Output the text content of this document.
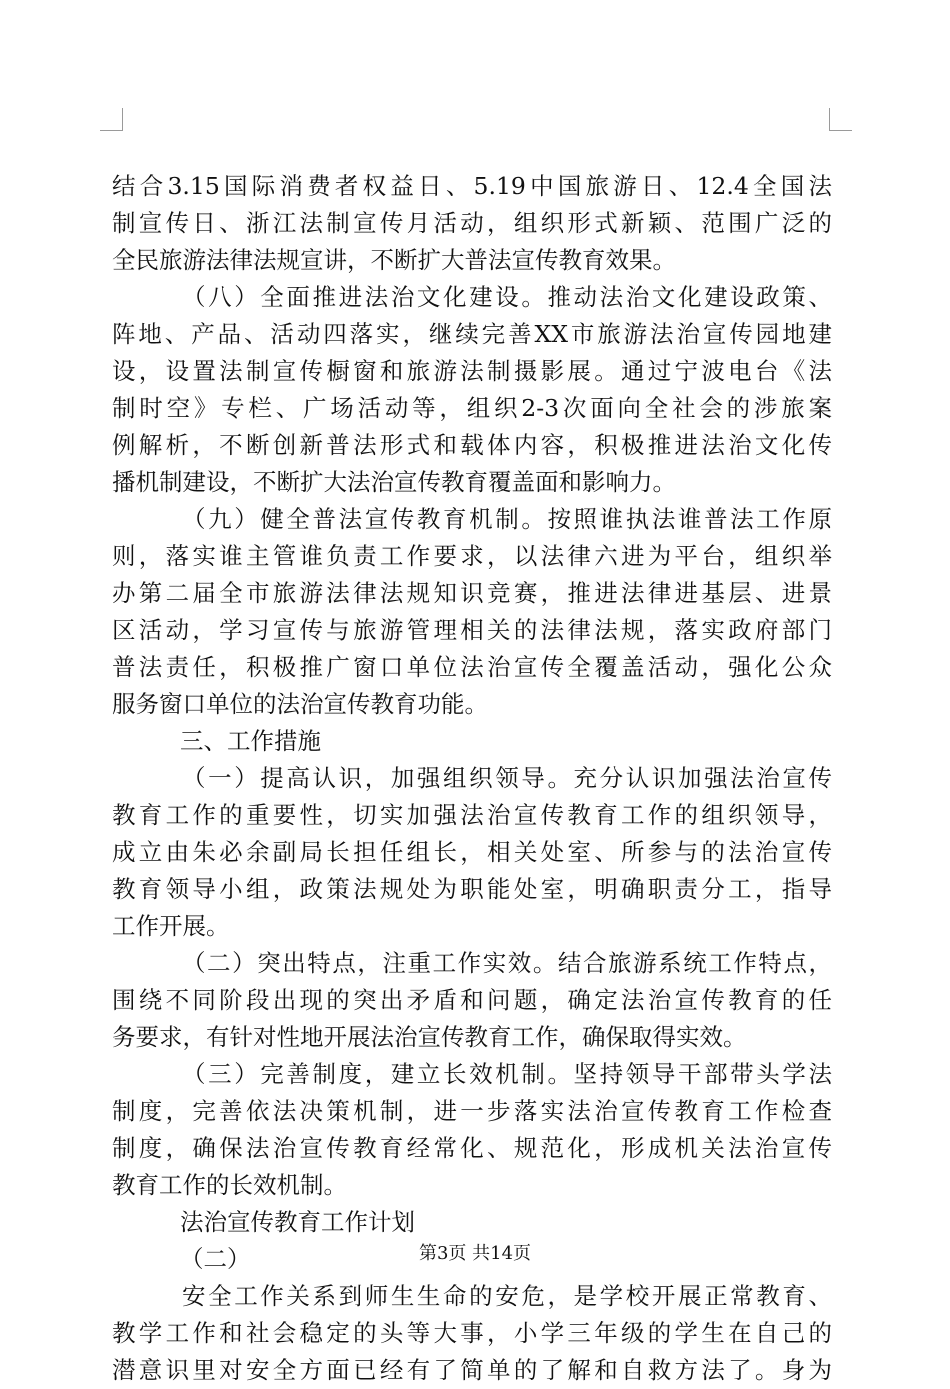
结合3.15国际消费者权益日、5.19中国旅游日、12.4全国法
制宣传日、浙江法制宣传月活动，组织形式新颖、范围广泛的
全民旅游法律法规宣讲，不断扩大普法宣传教育效果。
（八）全面推进法治文化建设。推动法治文化建设政策、
阵地、产品、活动四落实，继续完善XX市旅游法治宣传园地建
设，设置法制宣传橱窗和旅游法制摄影展。通过宁波电台《法
制时空》专栏、广场活动等，组织2-3次面向全社会的涉旅案
例解析，不断创新普法形式和载体内容，积极推进法治文化传
播机制建设，不断扩大法治宣传教育覆盖面和影响力。
（九）健全普法宣传教育机制。按照谁执法谁普法工作原
则，落实谁主管谁负责工作要求，以法律六进为平台，组织举
办第二届全市旅游法律法规知识竞赛，推进法律进基层、进景
区活动，学习宣传与旅游管理相关的法律法规，落实政府部门
普法责任，积极推广窗口单位法治宣传全覆盖活动，强化公众
服务窗口单位的法治宣传教育功能。
三、工作措施
（一）提高认识，加强组织领导。充分认识加强法治宣传
教育工作的重要性，切实加强法治宣传教育工作的组织领导，
成立由朱必余副局长担任组长，相关处室、所参与的法治宣传
教育领导小组，政策法规处为职能处室，明确职责分工，指导
工作开展。
（二）突出特点，注重工作实效。结合旅游系统工作特点，
围绕不同阶段出现的突出矛盾和问题，确定法治宣传教育的任
务要求，有针对性地开展法治宣传教育工作，确保取得实效。
（三）完善制度，建立长效机制。坚持领导干部带头学法
制度，完善依法决策机制，进一步落实法治宣传教育工作检查
制度，确保法治宣传教育经常化、规范化，形成机关法治宣传
教育工作的长效机制。
法治宣传教育工作计划
（二）
安全工作关系到师生生命的安危，是学校开展正常教育、
教学工作和社会稳定的头等大事，小学三年级的学生在自己的
潜意识里对安全方面已经有了简单的了解和自救方法了。身为
第3页 共14页
